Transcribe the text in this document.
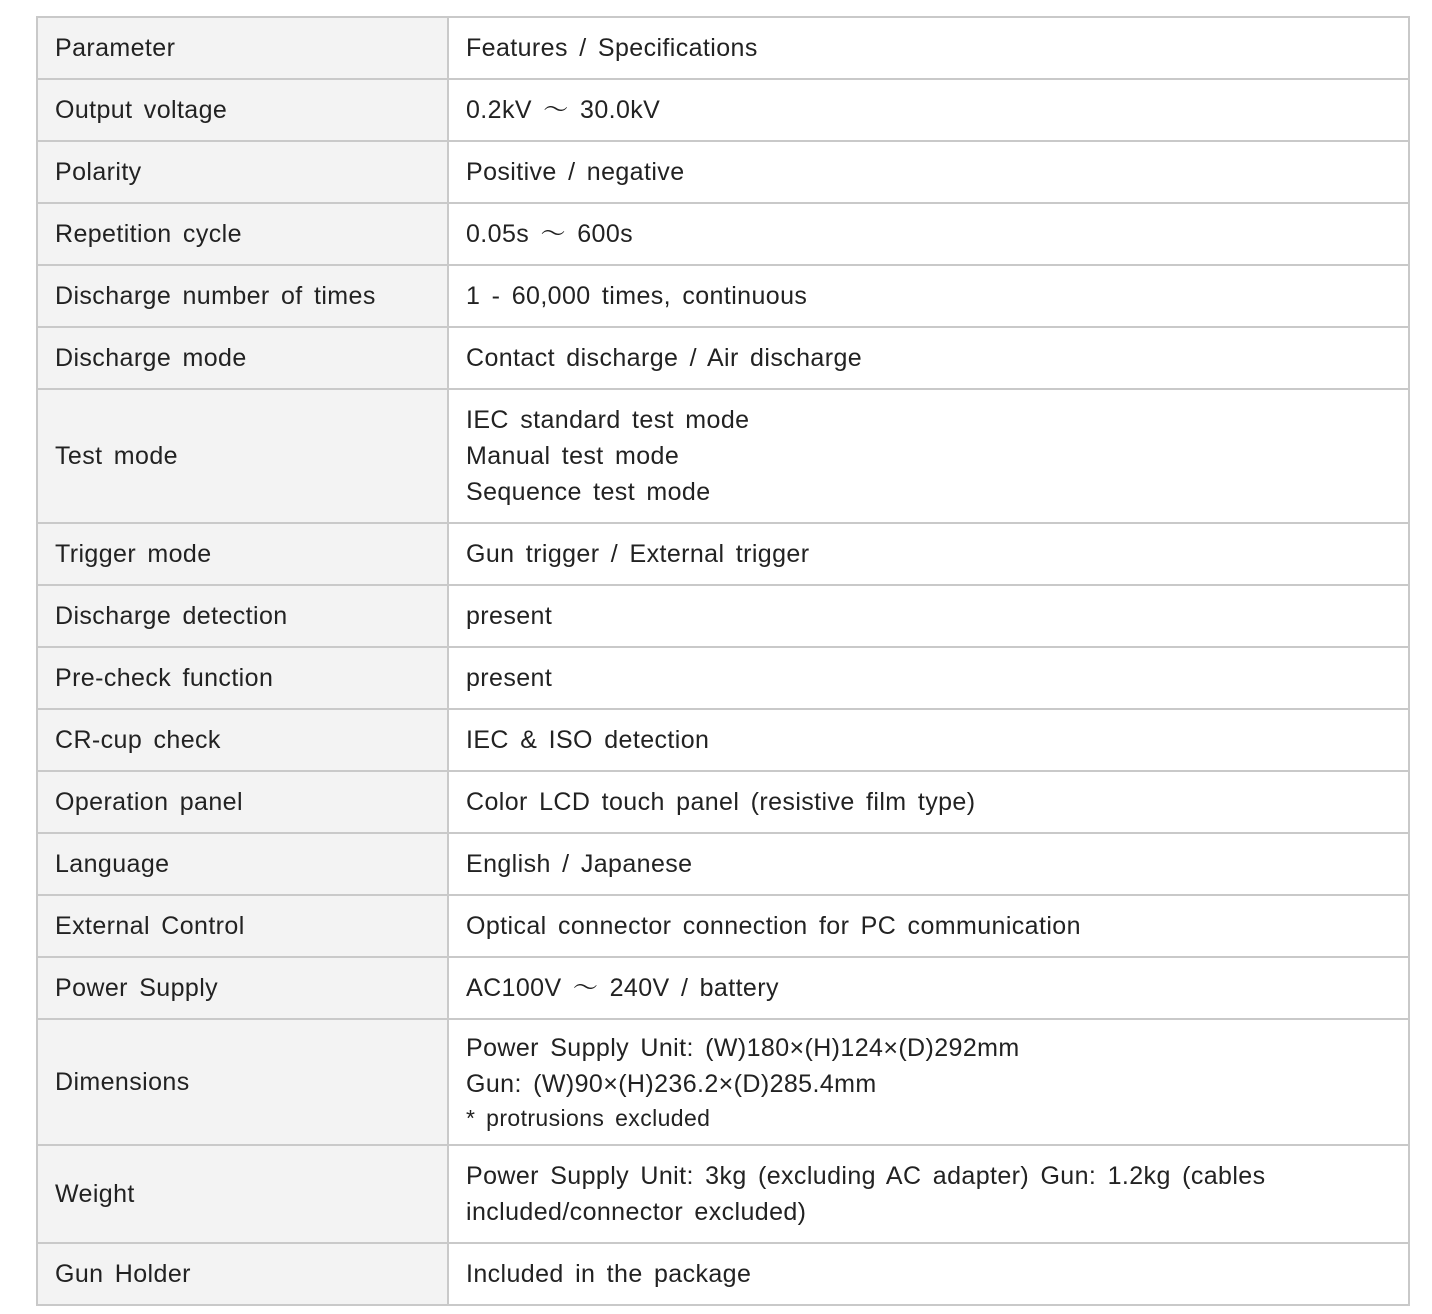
Parameter	Features / Specifications
Output voltage	0.2kV ～ 30.0kV
Polarity	Positive / negative
Repetition cycle	0.05s ～ 600s
Discharge number of times	1 - 60,000 times, continuous
Discharge mode	Contact discharge / Air discharge
Test mode	IEC standard test mode
Manual test mode
Sequence test mode

Trigger mode	Gun trigger / External trigger
Discharge detection	present
Pre-check function	present
CR-cup check	IEC & ISO detection
Operation panel	Color LCD touch panel (resistive film type)
Language	English / Japanese
External Control	Optical connector connection for PC communication
Power Supply	AC100V ～ 240V / battery
Dimensions	Power Supply Unit: (W)180×(H)124×(D)292mm
Gun: (W)90×(H)236.2×(D)285.4mm
* protrusions excluded

Weight	Power Supply Unit: 3kg (excluding AC adapter) Gun: 1.2kg (cables included/connector excluded)
Gun Holder	Included in the package
